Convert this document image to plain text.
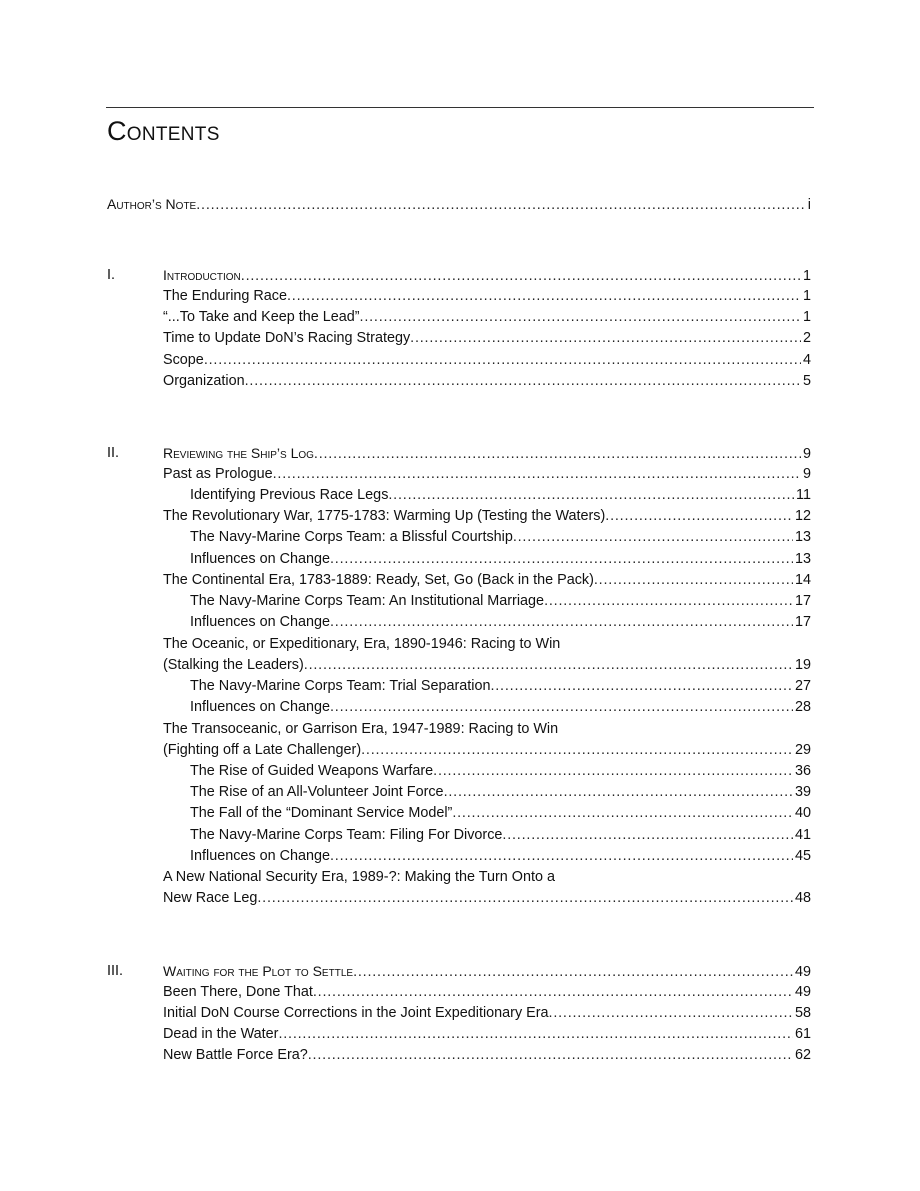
Contents
Author’s Note . . .	i
I.	Introduction . . .	1
The Enduring Race . . .	1
“...To Take and Keep the Lead” . . .	1
Time to Update DoN’s Racing Strategy . . .	2
Scope . . .	4
Organization . . .	5
II.	Reviewing the Ship’s Log . . .	9
Past as Prologue . . .	9
Identifying Previous Race Legs . . .	11
The Revolutionary War, 1775-1783: Warming Up (Testing the Waters) . . .	12
The Navy-Marine Corps Team: a Blissful Courtship . . .	13
Influences on Change . . .	13
The Continental Era, 1783-1889: Ready, Set, Go (Back in the Pack) . . .	14
The Navy-Marine Corps Team: An Institutional Marriage . . .	17
Influences on Change . . .	17
The Oceanic, or Expeditionary, Era, 1890-1946: Racing to Win
(Stalking the Leaders) . . .	19
The Navy-Marine Corps Team: Trial Separation . . .	27
Influences on Change . . .	28
The Transoceanic, or Garrison Era, 1947-1989: Racing to Win
(Fighting off a Late Challenger) . . .	29
The Rise of Guided Weapons Warfare . . .	36
The Rise of an All-Volunteer Joint Force . . .	39
The Fall of the “Dominant Service Model” . . .	40
The Navy-Marine Corps Team: Filing For Divorce . . .	41
Influences on Change . . .	45
A New National Security Era, 1989-?: Making the Turn Onto a
New Race Leg . . .	48
III.	Waiting for the Plot to Settle . . .	49
Been There, Done That . . .	49
Initial DoN Course Corrections in the Joint Expeditionary Era . . .	58
Dead in the Water . . .	61
New Battle Force Era? . . .	62
